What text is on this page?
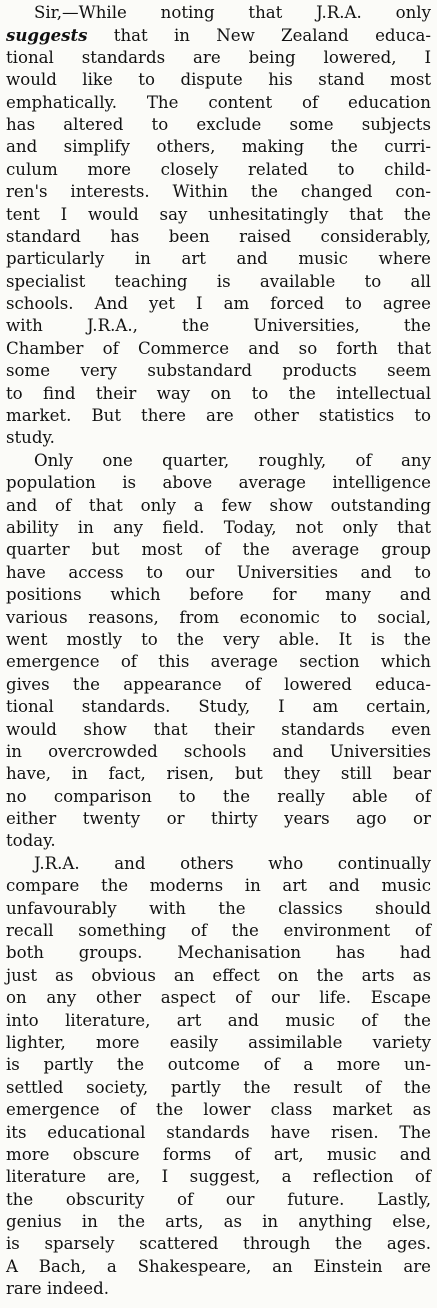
Sir,—While noting that J.R.A. only
suggests that in New Zealand educa-
tional standards are being lowered, I
would like to dispute his stand most
emphatically. The content of education
has altered to exclude some subjects
and simplify others, making the curri-
culum more closely related to child-
ren's interests. Within the changed con-
tent I would say unhesitatingly that the
standard has been raised considerably,
particularly in art and music where
specialist teaching is available to all
schools. And yet I am forced to agree
with J.R.A., the Universities, the
Chamber of Commerce and so forth that
some very substandard products seem
to find their way on to the intellectual
market. But there are other statistics to
study.
Only one quarter, roughly, of any
population is above average intelligence
and of that only a few show outstanding
ability in any field. Today, not only that
quarter but most of the average group
have access to our Universities and to
positions which before for many and
various reasons, from economic to social,
went mostly to the very able. It is the
emergence of this average section which
gives the appearance of lowered educa-
tional standards. Study, I am certain,
would show that their standards even
in overcrowded schools and Universities
have, in fact, risen, but they still bear
no comparison to the really able of
either twenty or thirty years ago or
today.
J.R.A. and others who continually
compare the moderns in art and music
unfavourably with the classics should
recall something of the environment of
both groups. Mechanisation has had
just as obvious an effect on the arts as
on any other aspect of our life. Escape
into literature, art and music of the
lighter, more easily assimilable variety
is partly the outcome of a more un-
settled society, partly the result of the
emergence of the lower class market as
its educational standards have risen. The
more obscure forms of art, music and
literature are, I suggest, a reflection of
the obscurity of our future. Lastly,
genius in the arts, as in anything else,
is sparsely scattered through the ages.
A Bach, a Shakespeare, an Einstein are
rare indeed.
